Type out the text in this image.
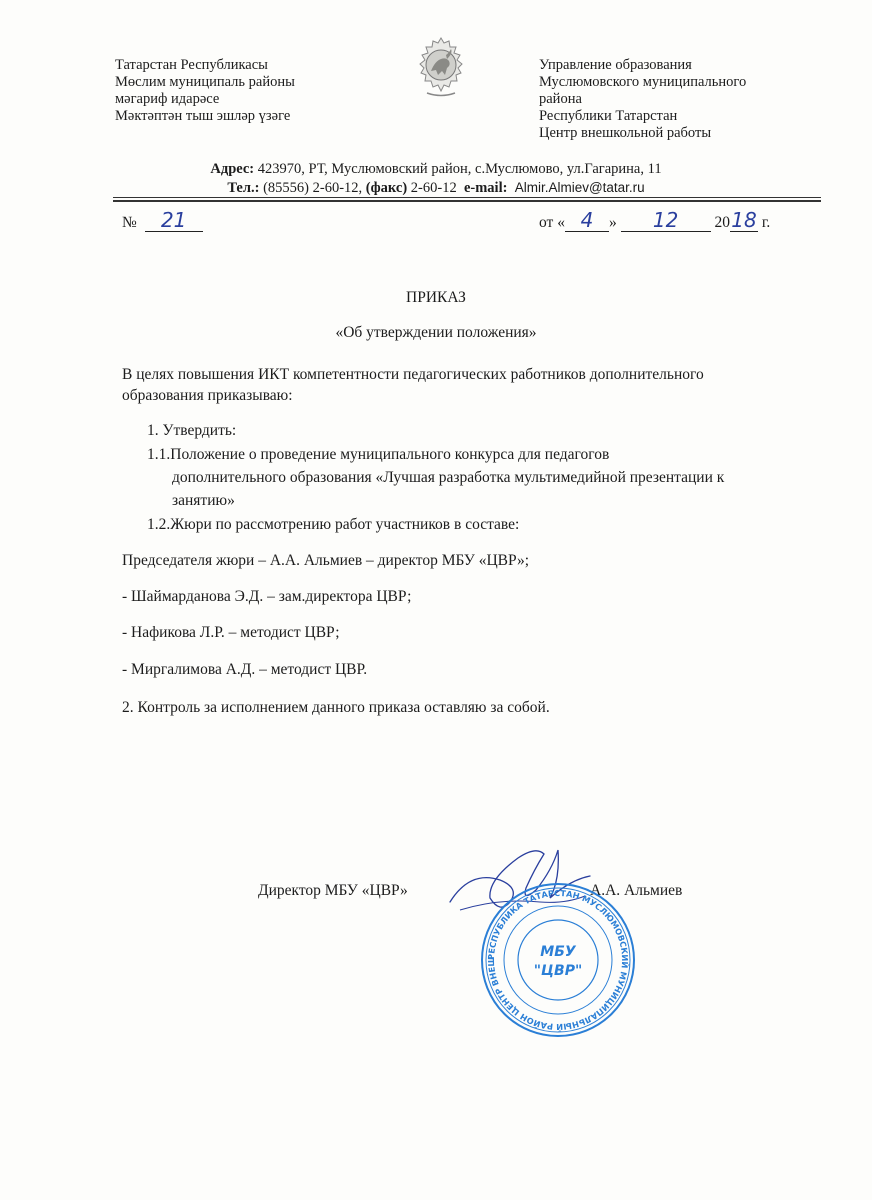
Татарстан Республикасы
Мөслим муниципаль районы
мәгариф идарәсе
Мәктәптән тыш эшләр үзәге
Управление образования
Муслюмовского муниципального
района
Республики Татарстан
Центр внешкольной работы
Адрес: 423970, РТ, Муслюмовский район, с.Муслюмово, ул.Гагарина, 11
Тел.: (85556) 2-60-12, (факс) 2-60-12 e-mail: Almir.Almiev@tatar.ru
№ 21	от « 4 » 12 2018 г.
ПРИКАЗ
«Об утверждении положения»
В целях повышения ИКТ компетентности педагогических работников дополнительного
образования приказываю:
1. Утвердить:
1.1.Положение о проведение муниципального конкурса для педагогов
дополнительного образования «Лучшая разработка мультимедийной презентации к
занятию»
1.2.Жюри по рассмотрению работ участников в составе:
Председателя жюри – А.А. Альмиев – директор МБУ «ЦВР»;
- Шаймарданова Э.Д. – зам.директора ЦВР;
- Нафикова Л.Р. – методист ЦВР;
- Миргалимова А.Д. – методист ЦВР.
2. Контроль за исполнением данного приказа оставляю за собой.
Директор МБУ «ЦВР»	А.А. Альмиев
РЕСПУБЛИКА ТАТАРСТАН МУСЛЮМОВСКИЙ МУНИЦИПАЛЬНЫЙ РАЙОН ЦЕНТР ВНЕШ
МБУ
"ЦВР"
